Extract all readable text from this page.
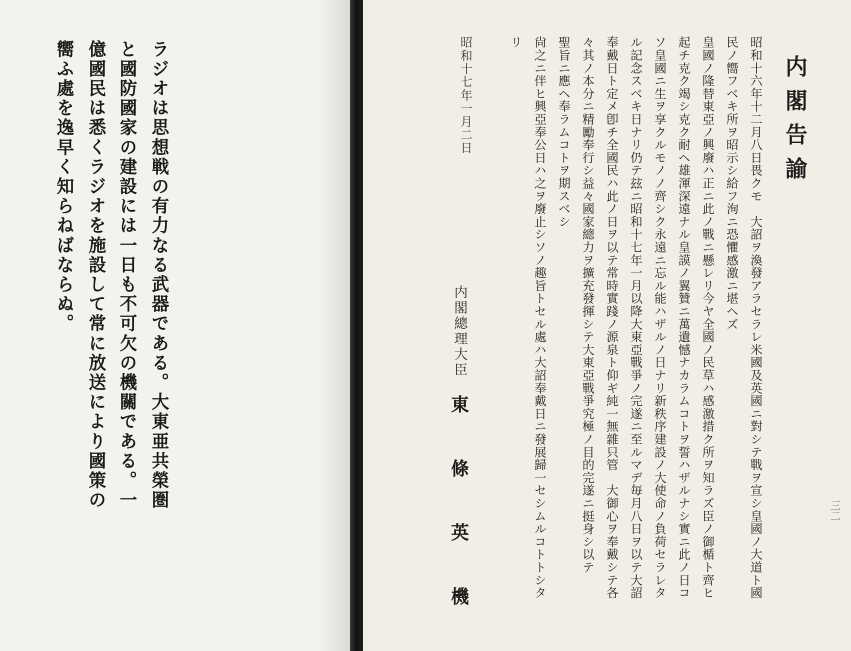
ラジオは思想戦の有力なる武器である。大東亜共榮圏
と國防國家の建設には一日も不可欠の機關である。一
億國民は悉くラジオを施設して常に放送により國策の
嚮ふ處を逸早く知らねばならぬ。	内閣告諭
昭和十六年十二月八日畏クモ　大詔ヲ渙發アラセラレ米國及英國ニ對シテ戰ヲ宣シ皇國ノ大道ト國
民ノ嚮フベキ所ヲ昭示シ給フ洵ニ恐懼感激ニ堪ヘズ
皇國ノ隆替東亞ノ興廢ハ正ニ此ノ戰ニ懸レリ今ヤ全國ノ民草ハ感激措ク所ヲ知ラズ臣ノ御楯ト齊ヒ
起チ克ク竭シ克ク耐ヘ雄渾深遠ナル皇謨ノ翼贊ニ萬遺憾ナカラムコトヲ誓ハザルナシ實ニ此ノ日コ
ソ皇國ニ生ヲ享クルモノノ齊シク永遠ニ忘ル能ハザルノ日ナリ新秩序建設ノ大使命ノ負荷セラレタ
ル記念スベキ日ナリ仍テ玆ニ昭和十七年一月以降大東亞戰爭ノ完遂ニ至ルマデ毎月八日ヲ以テ大詔
奉戴日ト定メ卽チ全國民ハ此ノ日ヲ以テ常時實踐ノ源泉ト仰ギ純一無雜只管　大御心ヲ奉戴シテ各
々其ノ本分ニ精勵奉行シ益々國家總力ヲ擴充發揮シテ大東亞戰爭究極ノ目的完遂ニ挺身シ以テ
聖旨ニ應ヘ奉ラムコトヲ期スベシ
尙之ニ伴ヒ興亞奉公日ハ之ヲ廢止シソノ趣旨トセル處ハ大詔奉戴日ニ發展歸一セシムルコトトシタ
リ
昭和十七年一月二日
内閣總理大臣
東條英機	三二
